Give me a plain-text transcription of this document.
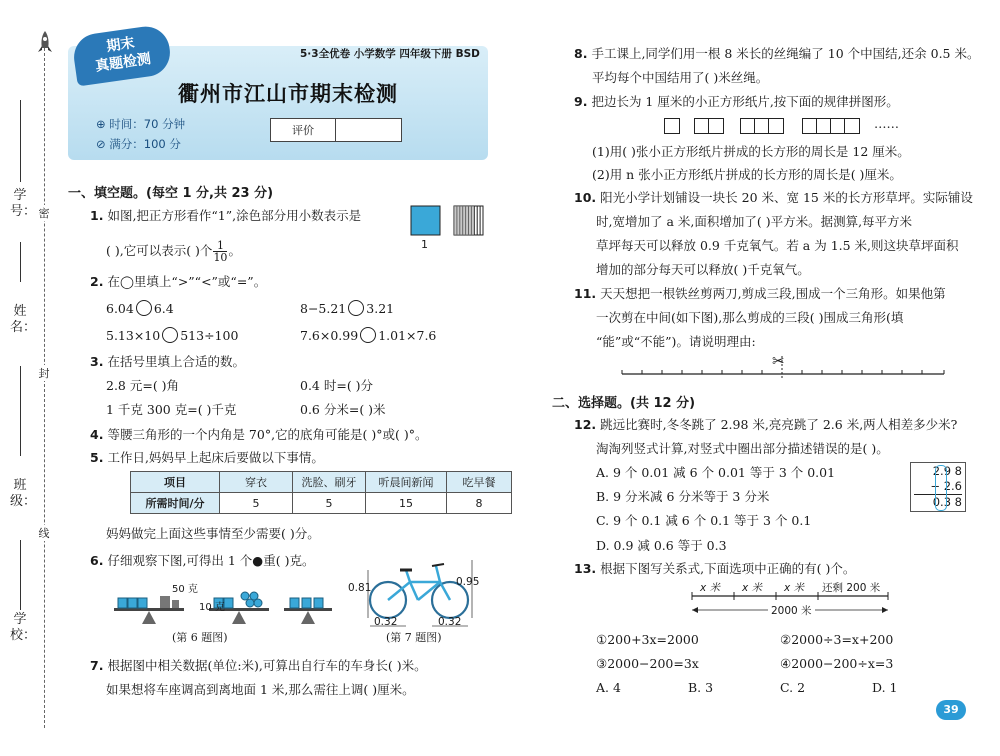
学号：
姓名：
班级：
学校：
密
封
线
期末
真题检测	5·3全优卷 小学数学 四年级下册 BSD
衢州市江山市期末检测
⊕ 时间：70 分钟
⊘ 满分：100 分
评价
一、填空题。(每空 1 分,共 23 分)
1. 如图,把正方形看作“1”,涂色部分用小数表示是
( ),它可以表示( )个 $\frac{1}{10}$ 。	1
2. 在◯里填上“>”“<”或“=”。
6.04 6.4	8−5.21 3.21
5.13×10 513÷100	7.6×0.99 1.01×7.6
3. 在括号里填上合适的数。
2.8 元=( )角	0.4 时=( )分
1 千克 300 克=( )千克	0.6 分米=( )米
4. 等腰三角形的一个内角是 70°,它的底角可能是( )°或( )°。
5. 工作日,妈妈早上起床后要做以下事情。
项目	穿衣	洗脸、刷牙	听晨间新闻	吃早餐
所需时间/分	5	5	15	8
妈妈做完上面这些事情至少需要( )分。
6. 仔细观察下图,可得出 1 个●重( )克。
50 克
10 克
(第 6 题图)
0.81	0.95
0.32	0.32
(第 7 题图)
7. 根据图中相关数据(单位:米),可算出自行车的车身长( )米。
如果想将车座调高到离地面 1 米,那么需往上调( )厘米。
8. 手工课上,同学们用一根 8 米长的丝绳编了 10 个中国结,还余 0.5 米。
平均每个中国结用了( )米丝绳。
9. 把边长为 1 厘米的小正方形纸片,按下面的规律拼图形。
……
(1)用( )张小正方形纸片拼成的长方形的周长是 12 厘米。
(2)用 n 张小正方形纸片拼成的长方形的周长是( )厘米。
10. 阳光小学计划铺设一块长 20 米、宽 15 米的长方形草坪。实际铺设
时,宽增加了 a 米,面积增加了( )平方米。据测算,每平方米
草坪每天可以释放 0.9 千克氧气。若 a 为 1.5 米,则这块草坪面积
增加的部分每天可以释放( )千克氧气。
11. 天天想把一根铁丝剪两刀,剪成三段,围成一个三角形。如果他第
一次剪在中间(如下图),那么剪成的三段( )围成三角形(填
“能”或“不能”)。请说明理由:
✂
二、选择题。(共 12 分)
12. 跳远比赛时,冬冬跳了 2.98 米,亮亮跳了 2.6 米,两人相差多少米?
淘淘列竖式计算,对竖式中圈出部分描述错误的是( )。
A. 9 个 0.01 减 6 个 0.01 等于 3 个 0.01
B. 9 分米减 6 分米等于 3 分米
C. 9 个 0.1 减 6 个 0.1 等于 3 个 0.1
D. 0.9 减 0.6 等于 0.3
2.9 8
− 2.6
0.3 8
13. 根据下图写关系式,下面选项中正确的有( )个。
x 米 x 米 x 米 还剩 200 米
2000 米
①200+3x=2000	②2000÷3=x+200
③2000−200=3x	④2000−200÷x=3
A. 4	B. 3	C. 2	D. 1
39
